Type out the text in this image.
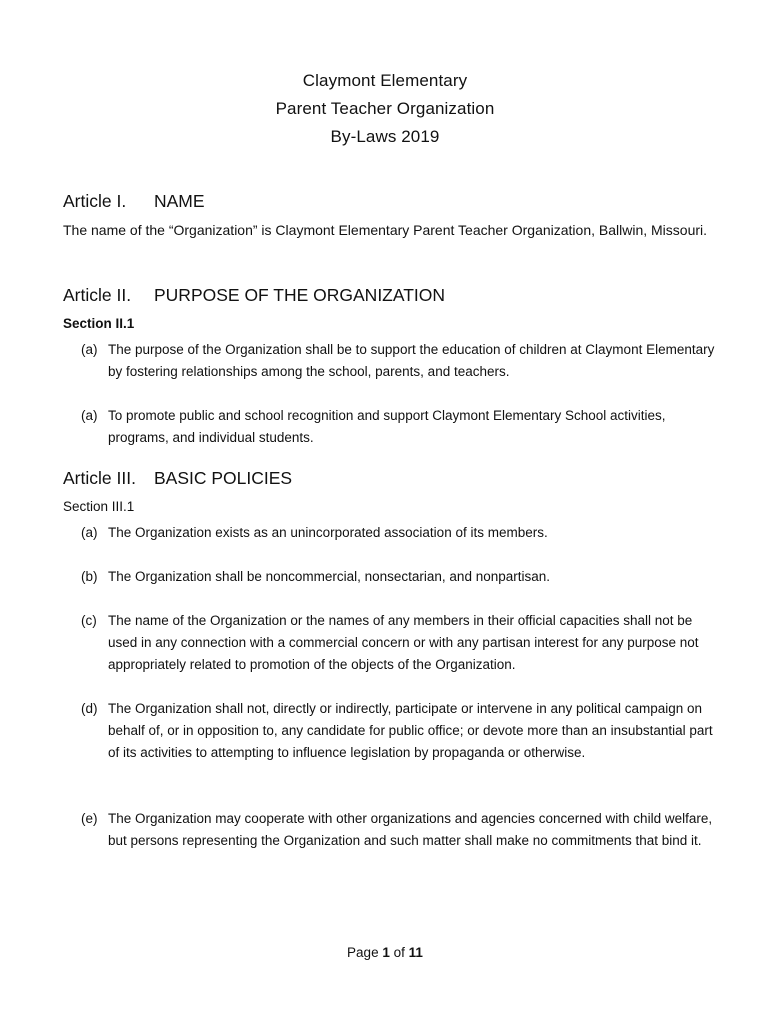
Claymont Elementary
Parent Teacher Organization
By-Laws 2019
Article I. NAME
The name of the “Organization” is Claymont Elementary Parent Teacher Organization, Ballwin, Missouri.
Article II. PURPOSE OF THE ORGANIZATION
Section II.1
(a) The purpose of the Organization shall be to support the education of children at Claymont Elementary by fostering relationships among the school, parents, and teachers.
(a) To promote public and school recognition and support Claymont Elementary School activities, programs, and individual students.
Article III. BASIC POLICIES
Section III.1
(a) The Organization exists as an unincorporated association of its members.
(b) The Organization shall be noncommercial, nonsectarian, and nonpartisan.
(c) The name of the Organization or the names of any members in their official capacities shall not be used in any connection with a commercial concern or with any partisan interest for any purpose not appropriately related to promotion of the objects of the Organization.
(d) The Organization shall not, directly or indirectly, participate or intervene in any political campaign on behalf of, or in opposition to, any candidate for public office; or devote more than an insubstantial part of its activities to attempting to influence legislation by propaganda or otherwise.
(e) The Organization may cooperate with other organizations and agencies concerned with child welfare, but persons representing the Organization and such matter shall make no commitments that bind it.
Page 1 of 11
